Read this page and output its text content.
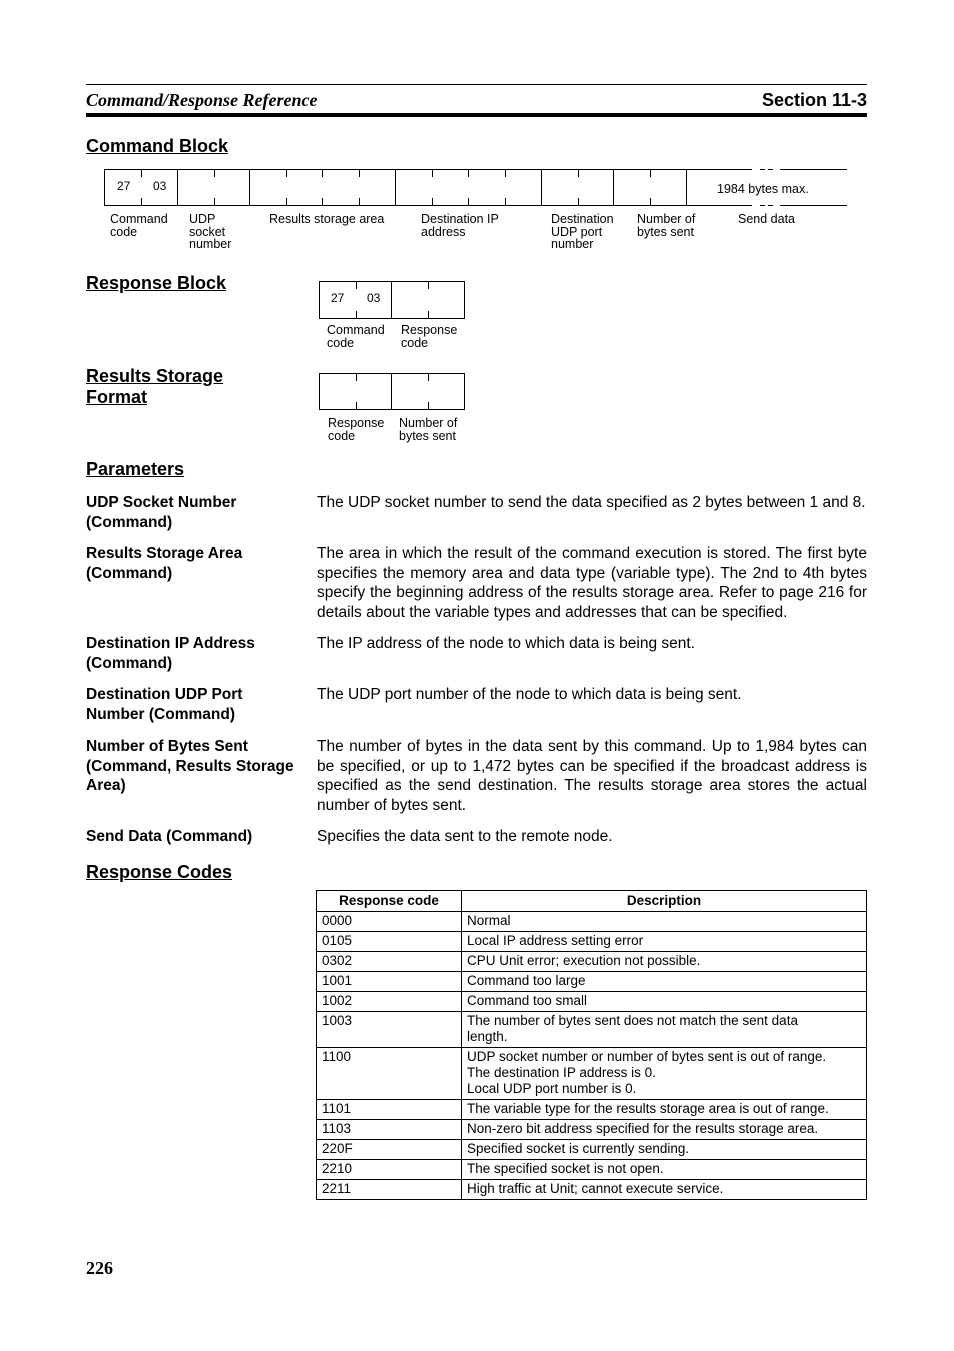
Command/Response Reference	Section 11-3
Command Block
27 03	1984 bytes max.
Command
code
UDP
socket
number
Results storage area	Destination IP
address
Destination
UDP port
number
Number of
bytes sent
Send data
Response Block
27 03
Command
code
Response
code
Results Storage
Format
Response
code
Number of
bytes sent
Parameters
UDP Socket Number (Command)
The UDP socket number to send the data specified as 2 bytes between 1 and 8.
Results Storage Area (Command)
The area in which the result of the command execution is stored. The first byte specifies the memory area and data type (variable type). The 2nd to 4th bytes specify the beginning address of the results storage area. Refer to page 216 for details about the variable types and addresses that can be specified.
Destination IP Address (Command)
The IP address of the node to which data is being sent.
Destination UDP Port Number (Command)
The UDP port number of the node to which data is being sent.
Number of Bytes Sent (Command, Results Storage Area)
The number of bytes in the data sent by this command. Up to 1,984 bytes can be specified, or up to 1,472 bytes can be specified if the broadcast address is specified as the send destination. The results storage area stores the actual number of bytes sent.
Send Data (Command)	Specifies the data sent to the remote node.
Response Codes
Response code	Description
0000	Normal
0105	Local IP address setting error
0302	CPU Unit error; execution not possible.
1001	Command too large
1002	Command too small
1003	The number of bytes sent does not match the sent data
length.
1100	UDP socket number or number of bytes sent is out of range.
The destination IP address is 0.
Local UDP port number is 0.
1101	The variable type for the results storage area is out of range.
1103	Non-zero bit address specified for the results storage area.
220F	Specified socket is currently sending.
2210	The specified socket is not open.
2211	High traffic at Unit; cannot execute service.
226
